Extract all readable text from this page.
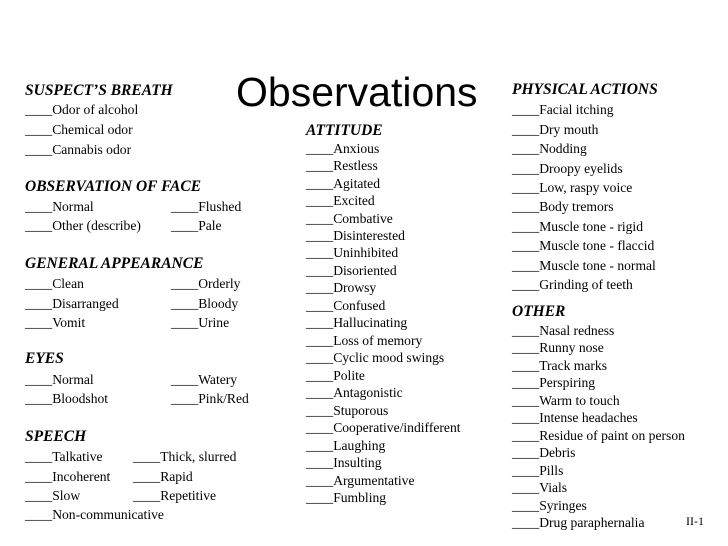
Observations
SUSPECT’S BREATH
____Odor of alcohol
____Chemical odor
____Cannabis odor
OBSERVATION OF FACE
____Normal
____Other (describe)
____Flushed
____Pale
GENERAL APPEARANCE
____Clean
____Disarranged
____Vomit
____Orderly
____Bloody
____Urine
EYES
____Normal
____Bloodshot
____Watery
____Pink/Red
SPEECH
____Talkative
____Incoherent
____Slow
____Non-communicative
____Thick, slurred
____Rapid
____Repetitive
ATTITUDE
____Anxious
____Restless
____Agitated
____Excited
____Combative
____Disinterested
____Uninhibited
____Disoriented
____Drowsy
____Confused
____Hallucinating
____Loss of memory
____Cyclic mood swings
____Polite
____Antagonistic
____Stuporous
____Cooperative/indifferent
____Laughing
____Insulting
____Argumentative
____Fumbling
PHYSICAL ACTIONS
____Facial itching
____Dry mouth
____Nodding
____Droopy eyelids
____Low, raspy voice
____Body tremors
____Muscle tone - rigid
____Muscle tone - flaccid
____Muscle tone - normal
____Grinding of teeth
OTHER
____Nasal redness
____Runny nose
____Track marks
____Perspiring
____Warm to touch
____Intense headaches
____Residue of paint on person
____Debris
____Pills
____Vials
____Syringes
____Drug paraphernalia	II-1
